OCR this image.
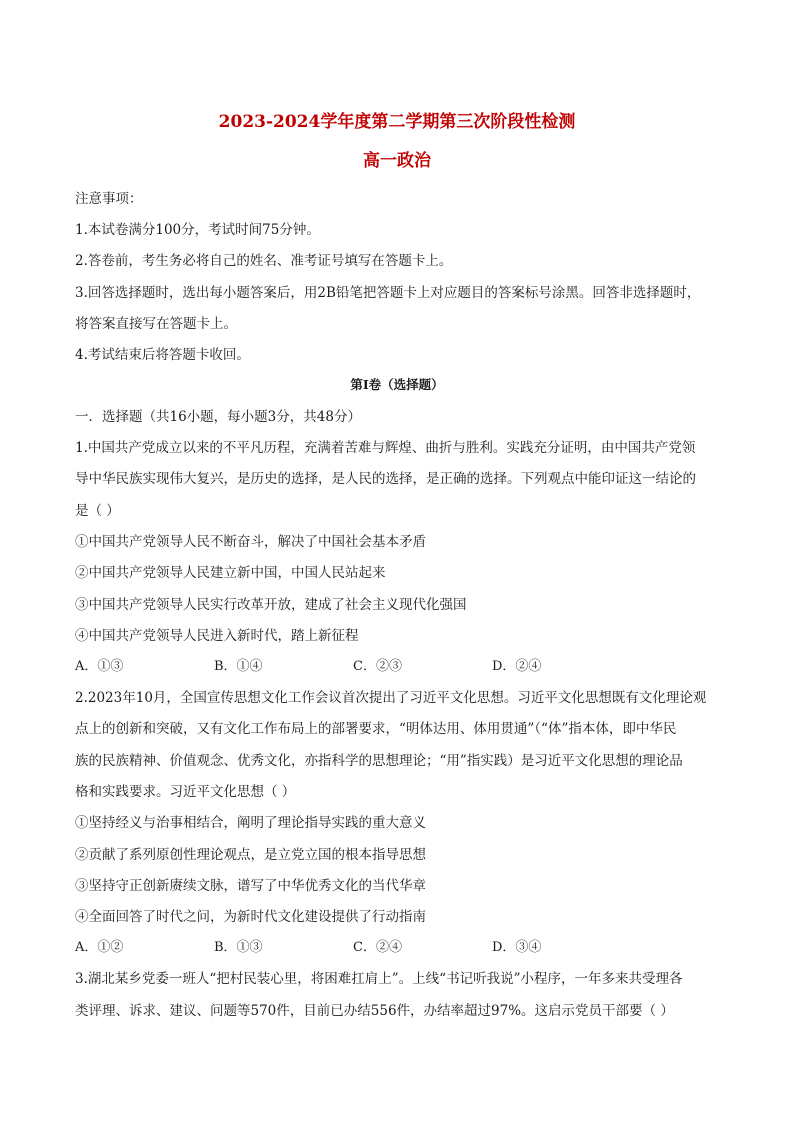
2023-2024学年度第二学期第三次阶段性检测
高一政治
注意事项：
1.本试卷满分100分，考试时间75分钟。
2.答卷前，考生务必将自己的姓名、准考证号填写在答题卡上。
3.回答选择题时，选出每小题答案后，用2B铅笔把答题卡上对应题目的答案标号涂黑。回答非选择题时，
将答案直接写在答题卡上。
4.考试结束后将答题卡收回。
第Ⅰ卷（选择题）
一．选择题（共16小题，每小题3分，共48分）
1.中国共产党成立以来的不平凡历程，充满着苦难与辉煌、曲折与胜利。实践充分证明，由中国共产党领
导中华民族实现伟大复兴，是历史的选择，是人民的选择，是正确的选择。下列观点中能印证这一结论的
是（ ）
①中国共产党领导人民不断奋斗，解决了中国社会基本矛盾
②中国共产党领导人民建立新中国，中国人民站起来
③中国共产党领导人民实行改革开放，建成了社会主义现代化强国
④中国共产党领导人民进入新时代，踏上新征程
A．①③	B．①④	C．②③	D．②④
2.2023年10月，全国宣传思想文化工作会议首次提出了习近平文化思想。习近平文化思想既有文化理论观
点上的创新和突破，又有文化工作布局上的部署要求，“明体达用、体用贯通”（“体”指本体，即中华民
族的民族精神、价值观念、优秀文化，亦指科学的思想理论；“用”指实践）是习近平文化思想的理论品
格和实践要求。习近平文化思想（ ）
①坚持经义与治事相结合，阐明了理论指导实践的重大意义
②贡献了系列原创性理论观点，是立党立国的根本指导思想
③坚持守正创新赓续文脉，谱写了中华优秀文化的当代华章
④全面回答了时代之问，为新时代文化建设提供了行动指南
A．①②	B．①③	C．②④	D．③④
3.湖北某乡党委一班人“把村民装心里，将困难扛肩上”。上线“书记听我说”小程序，一年多来共受理各
类评理、诉求、建议、问题等570件，目前已办结556件，办结率超过97%。这启示党员干部要（ ）
